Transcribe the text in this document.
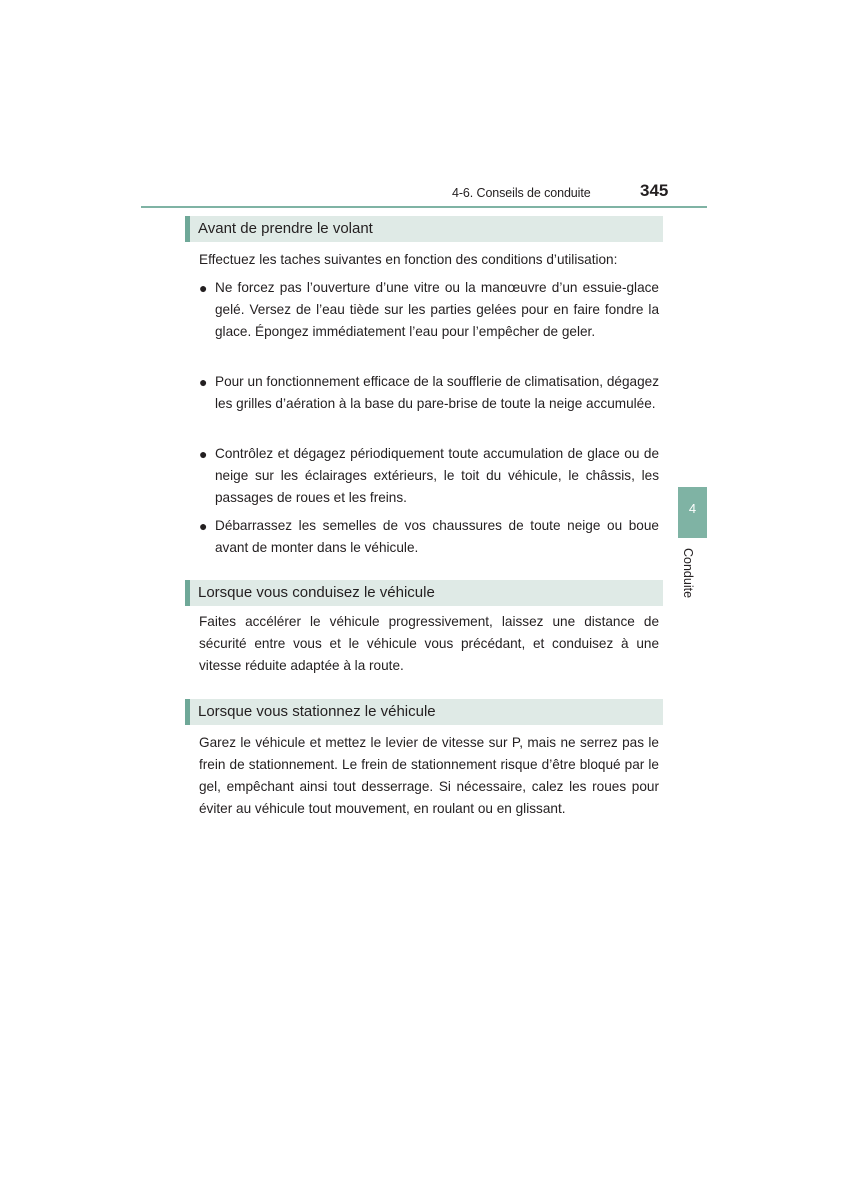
4-6. Conseils de conduite	345
4
Conduite
Avant de prendre le volant

Effectuez les taches suivantes en fonction des conditions d’utilisation:

● Ne forcez pas l’ouverture d’une vitre ou la manœuvre d’un essuie-glace gelé. Versez de l’eau tiède sur les parties gelées pour en faire fondre la glace. Épongez immédiatement l’eau pour l’empêcher de geler.
● Pour un fonctionnement efficace de la soufflerie de climatisation, dégagez les grilles d’aération à la base du pare-brise de toute la neige accumulée.
● Contrôlez et dégagez périodiquement toute accumulation de glace ou de neige sur les éclairages extérieurs, le toit du véhicule, le châssis, les passages de roues et les freins.
● Débarrassez les semelles de vos chaussures de toute neige ou boue avant de monter dans le véhicule.
Lorsque vous conduisez le véhicule

Faites accélérer le véhicule progressivement, laissez une distance de sécurité entre vous et le véhicule vous précédant, et conduisez à une vitesse réduite adaptée à la route.

Lorsque vous stationnez le véhicule

Garez le véhicule et mettez le levier de vitesse sur P, mais ne serrez pas le frein de stationnement. Le frein de stationnement risque d’être bloqué par le gel, empêchant ainsi tout desserrage. Si nécessaire, calez les roues pour éviter au véhicule tout mouvement, en roulant ou en glissant.
